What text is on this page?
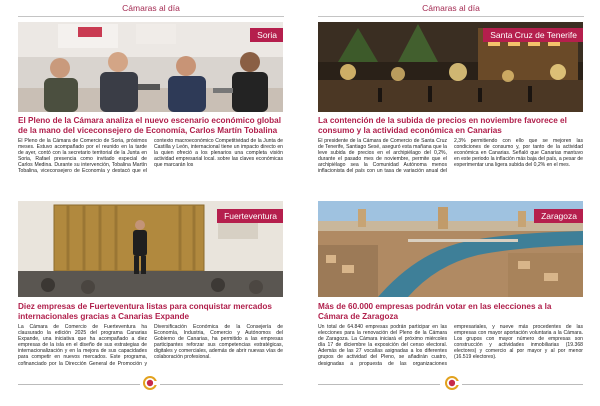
Cámaras al día
Soria
El Pleno de la Cámara analiza el nuevo escenario económico global de la mano del viceconsejero de Economía, Carlos Martín Tobalina

El Pleno de la Cámara de Comercio de Soria, próximos meses. Estuvo acompañado por el reunido en la tarde de ayer, contó con la secretario territorial de la Junta en Soria, Rafael presencia como invitado especial de Carlos Medina. Durante su intervención, Tobalina Martín Tobalina, viceconsejero de Economía y destacó que el contexto macroeconómico Competitividad de la Junta de Castilla y León, internacional tiene un impacto directo en la quien ofreció a los plenarios una completa visión actividad empresarial local. sobre las claves económicas que marcarán los

Fuerteventura
Diez empresas de Fuerteventura listas para conquistar mercados internacionales gracias a Canarias Expande

La Cámara de Comercio de Fuerteventura ha clausurado la edición 2025 del programa Canarias Expande, una iniciativa que ha acompañado a diez empresas de la isla en el diseño de sus estrategias de internacionalización y en la mejora de sus capacidades para competir en nuevos mercados. Este programa, cofinanciado por la Dirección General de Promoción y Diversificación Económica de la Consejería de Economía, Industria, Comercio y Autónomos del Gobierno de Canarias, ha permitido a las empresas participantes reforzar sus competencias estratégicas, digitales y comerciales, además de abrir nuevas vías de colaboración profesional.

Cámaras al día
Santa Cruz de Tenerife
La contención de la subida de precios en noviembre favorece el consumo y la actividad económica en Canarias

El presidente de la Cámara de Comercio de Santa Cruz de Tenerife, Santiago Sesé, aseguró esta mañana que la leve subida de precios en el archipiélago del 0,2%, durante el pasado mes de noviembre, permite que el archipiélago sea la Comunidad Autónoma menos inflacionista del país con un tasa de variación anual del 2,3% permitiendo con ello que se mejoren las condiciones de consumo y, por tanto de la actividad económica en Canarias. Señaló que Canarias mantuvo en este periodo la inflación más baja del país, a pesar de experimentar una ligera subida del 0,2% en el mes.

Zaragoza
Más de 60.000 empresas podrán votar en las elecciones a la Cámara de Zaragoza

Un total de 64.840 empresas podrán participar en las elecciones para la renovación del Pleno de la Cámara de Zaragoza. La Cámara iniciará el próximo miércoles día 17 de diciembre la exposición del censo electoral. Además de las 27 vocalías asignadas a los diferentes grupos de actividad del Pleno, se añadirán cuatro, designadas a propuesta de las organizaciones empresariales, y nueve más procedentes de las empresas con mayor aportación voluntaria a la Cámara. Los grupos con mayor número de empresas son construcción y actividades inmobiliarias (19.368 electores) y comercio al por mayor y al por menor (16.519 electores).
